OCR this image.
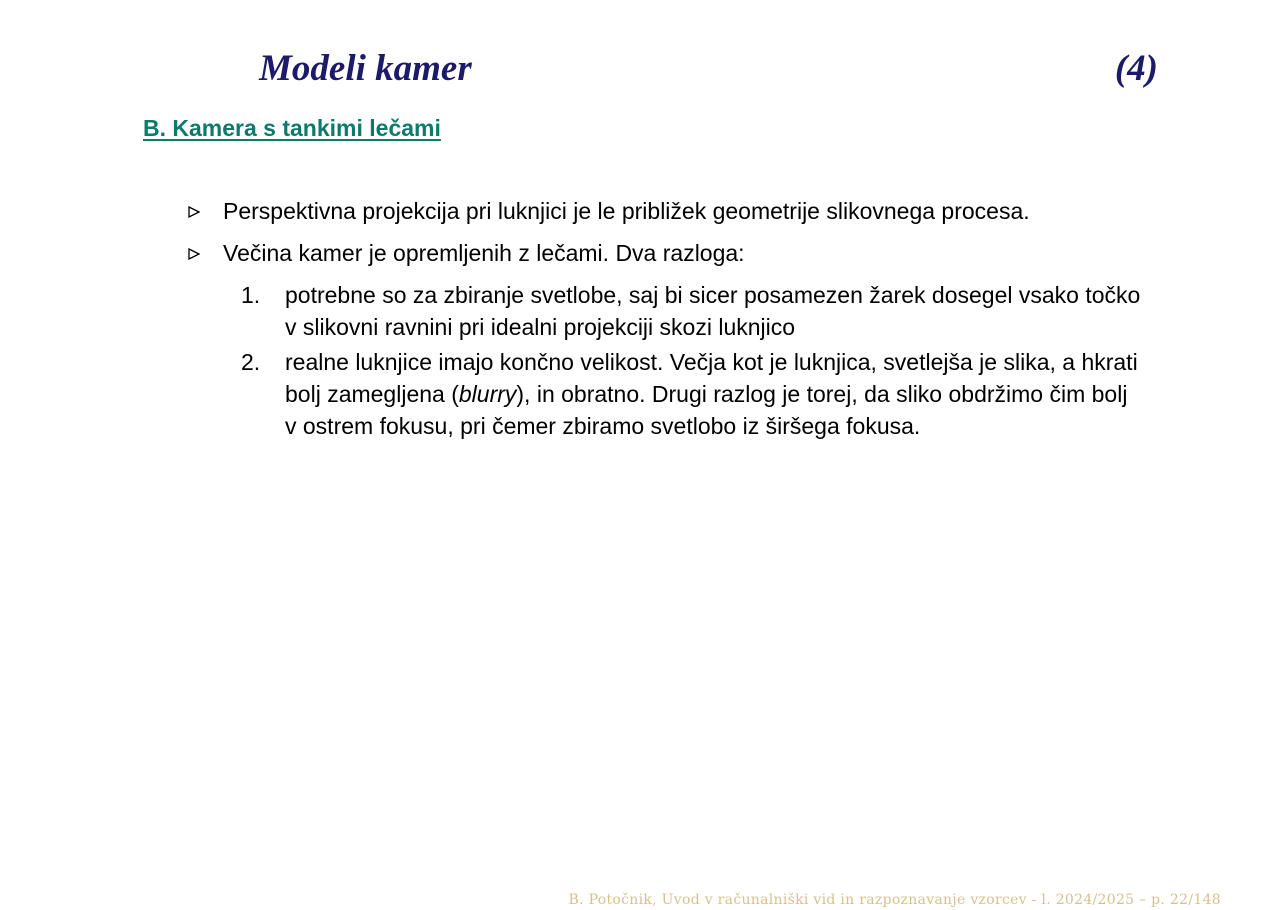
Modeli kamer	(4)
B. Kamera s tankimi lečami
Perspektivna projekcija pri luknjici je le približek geometrije slikovnega procesa.
Večina kamer je opremljenih z lečami. Dva razloga:
1. potrebne so za zbiranje svetlobe, saj bi sicer posamezen žarek dosegel vsako točko v slikovni ravnini pri idealni projekciji skozi luknjico
2. realne luknjice imajo končno velikost. Večja kot je luknjica, svetlejša je slika, a hkrati bolj zamegljena (blurry), in obratno. Drugi razlog je torej, da sliko obdržimo čim bolj v ostrem fokusu, pri čemer zbiramo svetlobo iz širšega fokusa.
B. Potočnik, Uvod v računalniški vid in razpoznavanje vzorcev - l. 2024/2025 – p. 22/148
